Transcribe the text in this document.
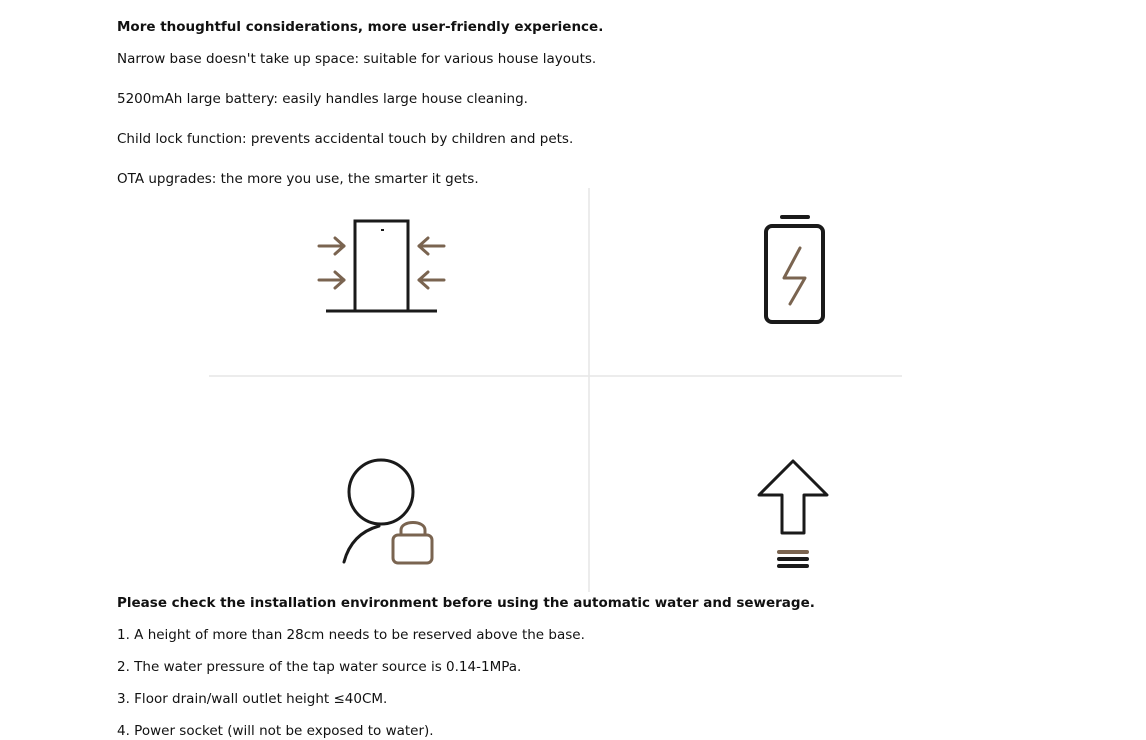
More thoughtful considerations, more user-friendly experience.
Narrow base doesn't take up space: suitable for various house layouts.
5200mAh large battery: easily handles large house cleaning.
Child lock function: prevents accidental touch by children and pets.
OTA upgrades: the more you use, the smarter it gets.
Please check the installation environment before using the automatic water and sewerage.
1. A height of more than 28cm needs to be reserved above the base.
2. The water pressure of the tap water source is 0.14-1MPa.
3. Floor drain/wall outlet height ≤40CM.
4. Power socket (will not be exposed to water).
